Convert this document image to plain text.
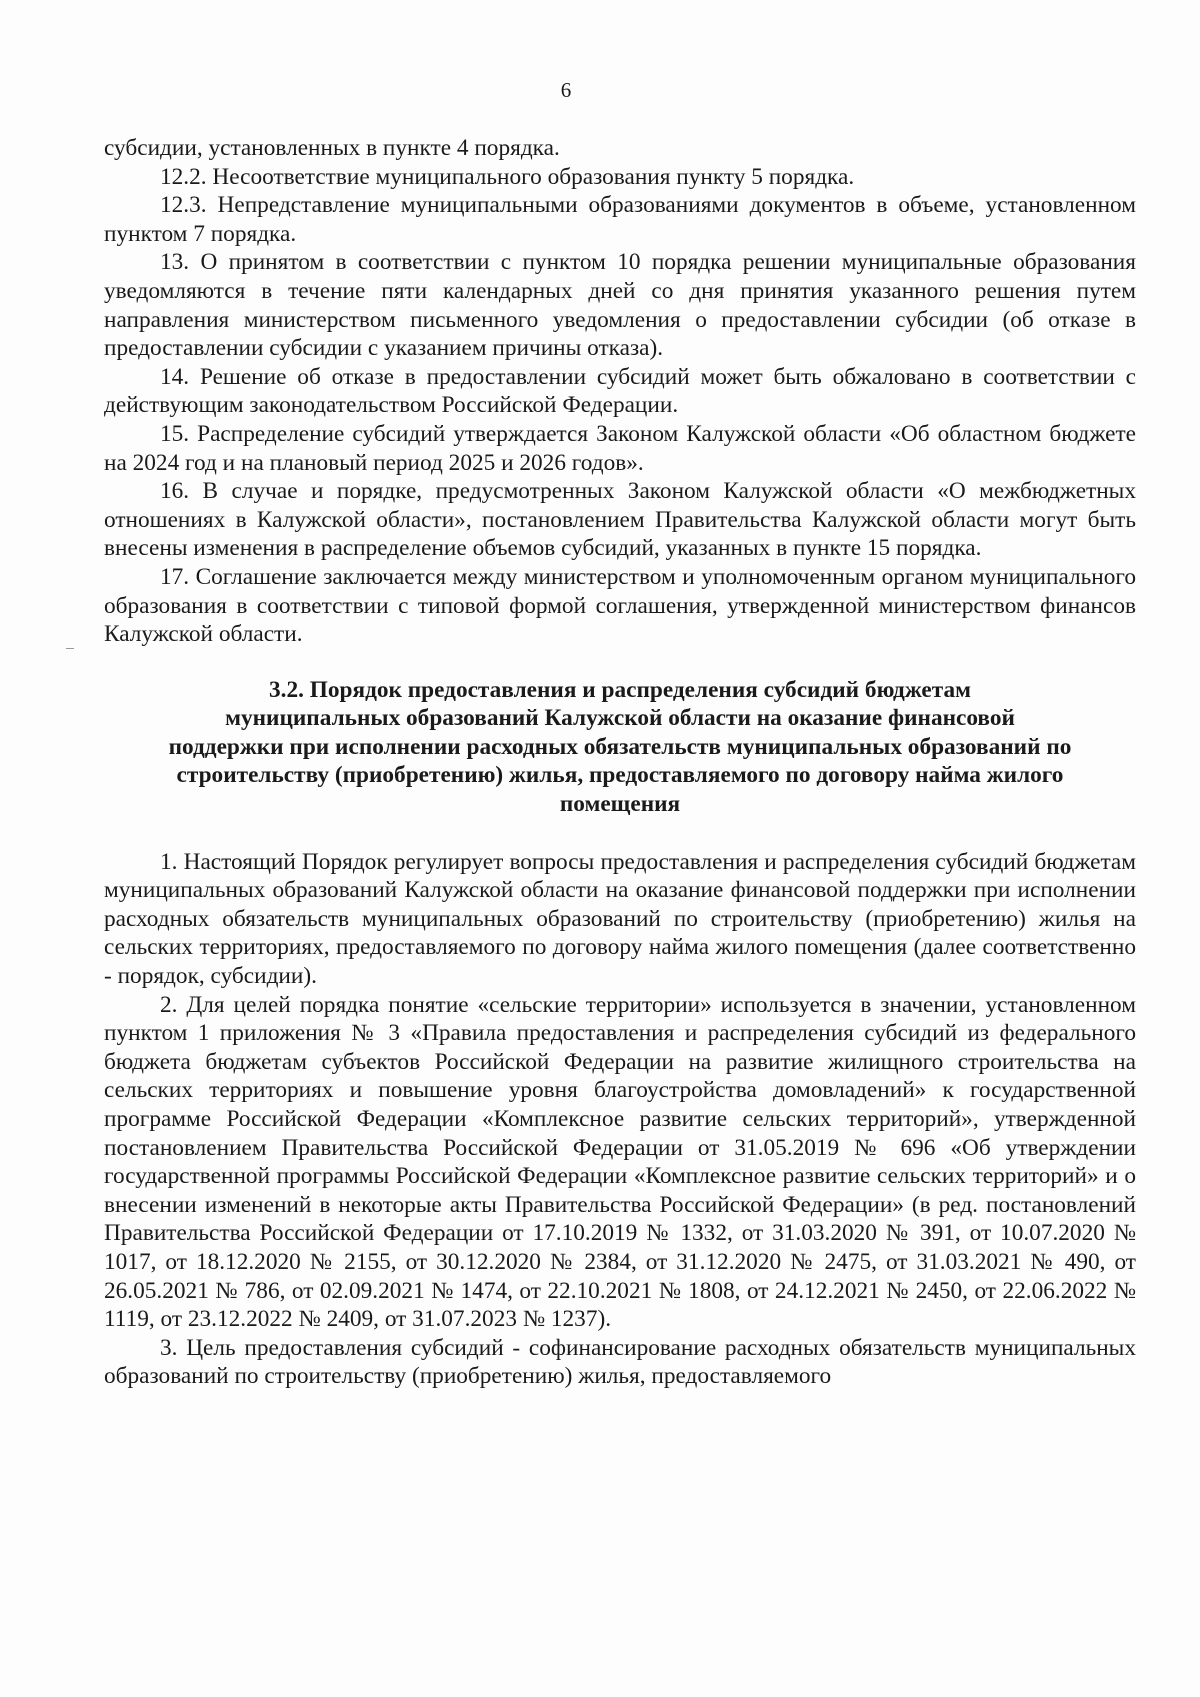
6

субсидии, установленных в пункте 4 порядка.

12.2. Несоответствие муниципального образования пункту 5 порядка.

12.3. Непредставление муниципальными образованиями документов в объеме, установленном пунктом 7 порядка.

13. О принятом в соответствии с пунктом 10 порядка решении муниципальные образования уведомляются в течение пяти календарных дней со дня принятия указанного решения путем направления министерством письменного уведомления о предоставлении субсидии (об отказе в предоставлении субсидии с указанием причины отказа).

14. Решение об отказе в предоставлении субсидий может быть обжаловано в соответствии с действующим законодательством Российской Федерации.

15. Распределение субсидий утверждается Законом Калужской области «Об областном бюджете на 2024 год и на плановый период 2025 и 2026 годов».

16. В случае и порядке, предусмотренных Законом Калужской области «О межбюджетных отношениях в Калужской области», постановлением Правительства Калужской области могут быть внесены изменения в распределение объемов субсидий, указанных в пункте 15 порядка.

17. Соглашение заключается между министерством и уполномоченным органом муниципального образования в соответствии с типовой формой соглашения, утвержденной министерством финансов Калужской области.

3.2. Порядок предоставления и распределения субсидий бюджетам
муниципальных образований Калужской области на оказание финансовой
поддержки при исполнении расходных обязательств муниципальных образований по
строительству (приобретению) жилья, предоставляемого по договору найма жилого
помещения

1. Настоящий Порядок регулирует вопросы предоставления и распределения субсидий бюджетам муниципальных образований Калужской области на оказание финансовой поддержки при исполнении расходных обязательств муниципальных образований по строительству (приобретению) жилья на сельских территориях, предоставляемого по договору найма жилого помещения (далее соответственно - порядок, субсидии).

2. Для целей порядка понятие «сельские территории» используется в значении, установленном пунктом 1 приложения № 3 «Правила предоставления и распределения субсидий из федерального бюджета бюджетам субъектов Российской Федерации на развитие жилищного строительства на сельских территориях и повышение уровня благоустройства домовладений» к государственной программе Российской Федерации «Комплексное развитие сельских территорий», утвержденной постановлением Правительства Российской Федерации от 31.05.2019 № 696 «Об утверждении государственной программы Российской Федерации «Комплексное развитие сельских территорий» и о внесении изменений в некоторые акты Правительства Российской Федерации» (в ред. постановлений Правительства Российской Федерации от 17.10.2019 № 1332, от 31.03.2020 № 391, от 10.07.2020 № 1017, от 18.12.2020 № 2155, от 30.12.2020 № 2384, от 31.12.2020 № 2475, от 31.03.2021 № 490, от 26.05.2021 № 786, от 02.09.2021 № 1474, от 22.10.2021 № 1808, от 24.12.2021 № 2450, от 22.06.2022 № 1119, от 23.12.2022 № 2409, от 31.07.2023 № 1237).

3. Цель предоставления субсидий - софинансирование расходных обязательств муниципальных образований по строительству (приобретению) жилья, предоставляемого
